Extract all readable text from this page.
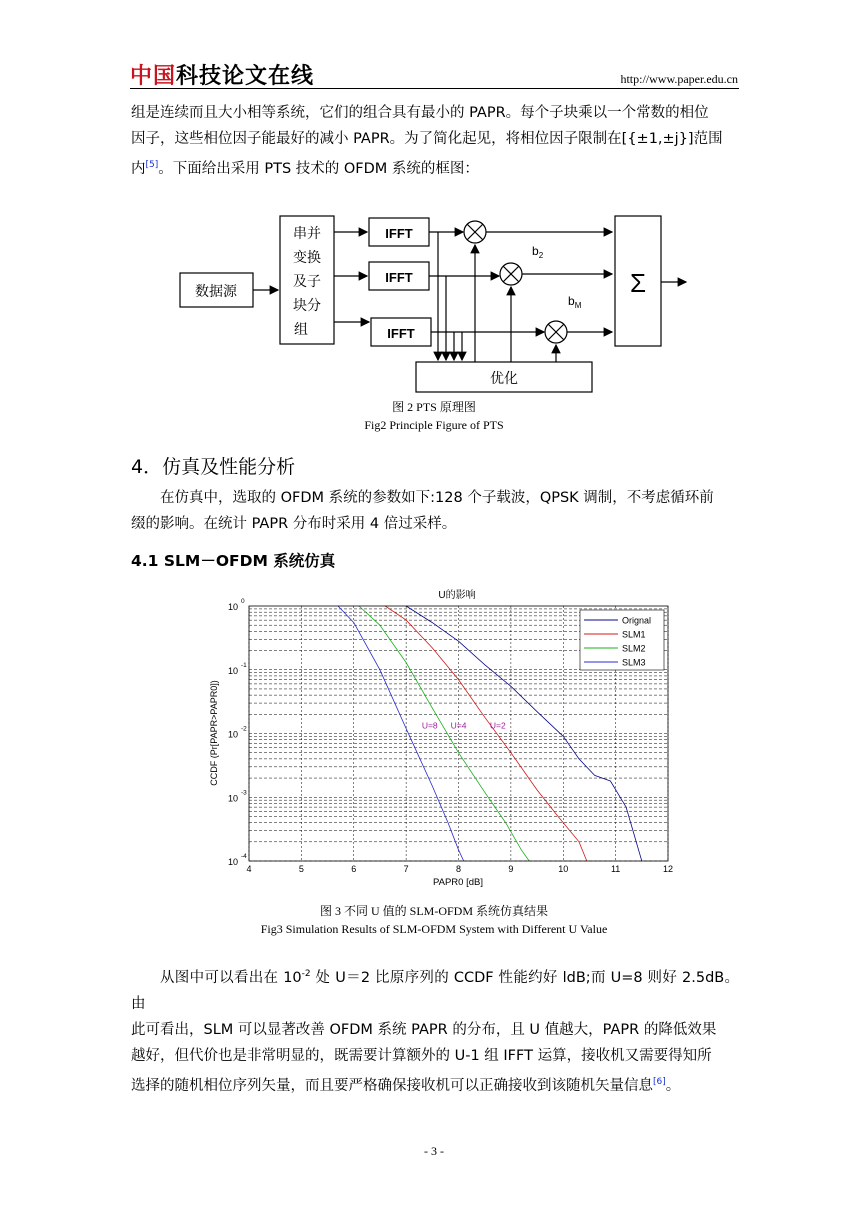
中国科技论文在线	http://www.paper.edu.cn
组是连续而且大小相等系统，它们的组合具有最小的 PAPR。每个子块乘以一个常数的相位
因子，这些相位因子能最好的减小 PAPR。为了简化起见，将相位因子限制在[{±1,±j}]范围
内[5]。下面给出采用 PTS 技术的 OFDM 系统的框图：
数据源
串并
变换
及子
块分
组
IFFT
IFFT
IFFT
$b_2$
$b_M$
Σ
优化
图 2 PTS 原理图
Fig2 Principle Figure of PTS
4．仿真及性能分析
在仿真中，选取的 OFDM 系统的参数如下:128 个子载波，QPSK 调制，不考虑循环前
缀的影响。在统计 PAPR 分布时采用 4 倍过采样。
4.1 SLM－OFDM 系统仿真
U的影响
4	5	6	7	8	9	10	11	12
10
0
10
-1
10
-2
10
-3
10
-4
PAPR0 [dB]
CCDF (Pr[PAPR>PAPR0])	U=8 U=4	U=2
Orignal
SLM1
SLM2
SLM3
图 3 不同 U 值的 SLM-OFDM 系统仿真结果
Fig3 Simulation Results of SLM-OFDM System with Different U Value
从图中可以看出在 $10^{-2}$ 处 U＝2 比原序列的 CCDF 性能约好 ldB;而 U=8 则好 2.5dB。由
此可看出，SLM 可以显著改善 OFDM 系统 PAPR 的分布，且 U 值越大，PAPR 的降低效果
越好，但代价也是非常明显的，既需要计算额外的 U-1 组 IFFT 运算，接收机又需要得知所
选择的随机相位序列矢量，而且要严格确保接收机可以正确接收到该随机矢量信息[6]。
- 3 -
